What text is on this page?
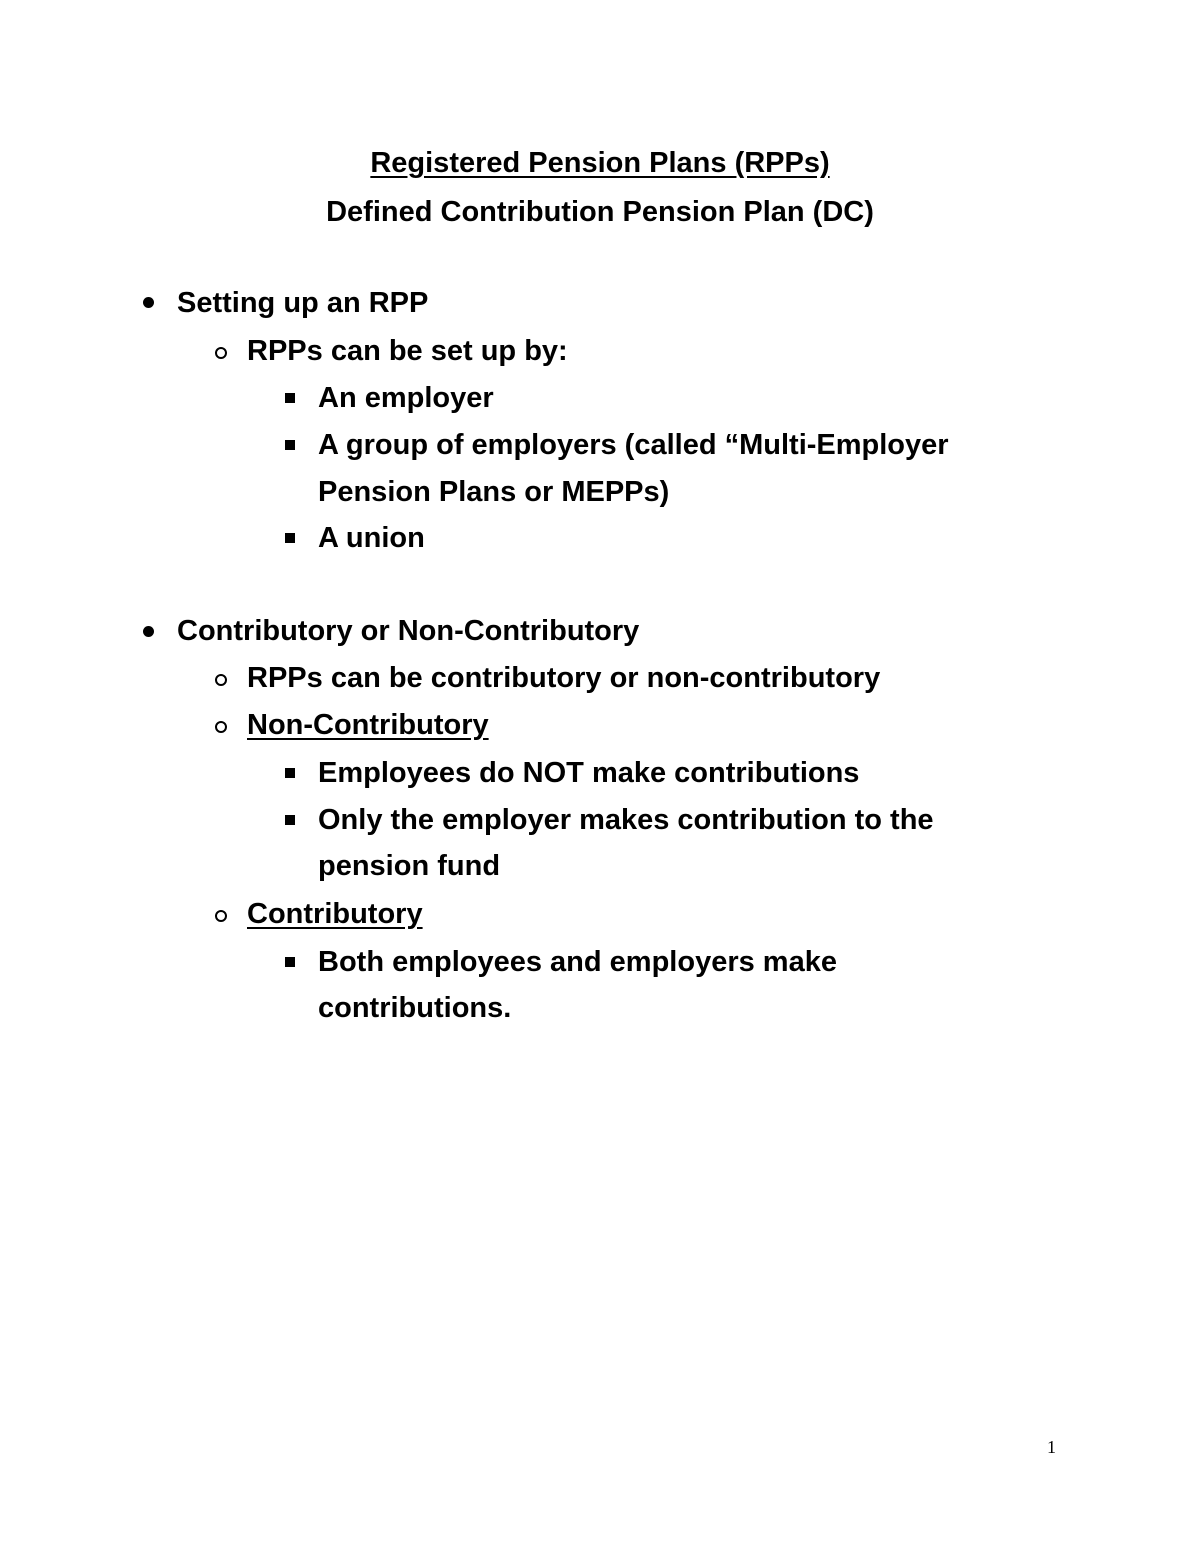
Registered Pension Plans (RPPs)
Defined Contribution Pension Plan (DC)
Setting up an RPP
RPPs can be set up by:
An employer
A group of employers (called “Multi-Employer
Pension Plans or MEPPs)
A union
Contributory or Non-Contributory
RPPs can be contributory or non-contributory
Non-Contributory
Employees do NOT make contributions
Only the employer makes contribution to the
pension fund
Contributory
Both employees and employers make
contributions.
1
